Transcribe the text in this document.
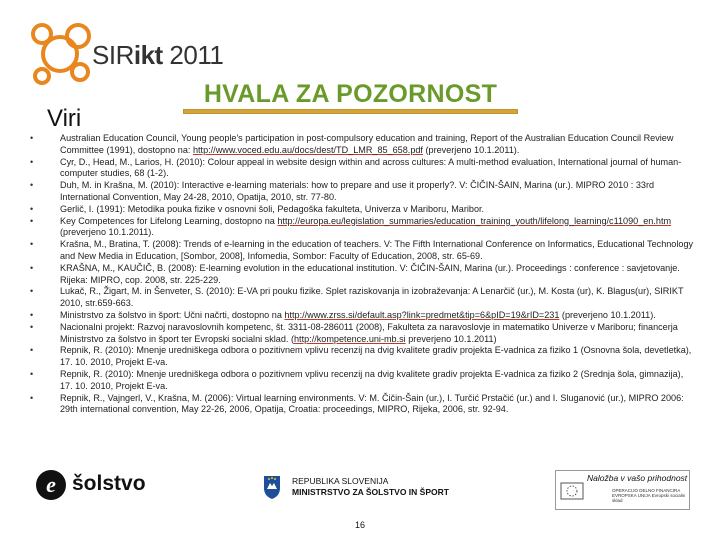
SIRikt 2011
HVALA ZA POZORNOST
Viri
• Australian Education Council, Young people's participation in post-compulsory education and training, Report of the Australian Education Council Review Committee (1991), dostopno na: http://www.voced.edu.au/docs/dest/TD_LMR_85_658.pdf (preverjeno 10.1.2011).
• Cyr, D., Head, M., Larios, H. (2010): Colour appeal in website design within and across cultures: A multi-method evaluation, International journal of human-computer studies, 68 (1-2).
• Duh, M. in Krašna, M. (2010): Interactive e-learning materials: how to prepare and use it properly?. V: ČIČIN-ŠAIN, Marina (ur.). MIPRO 2010 : 33rd International Convention, May 24-28, 2010, Opatija, 2010, str. 77-80.
• Gerlič, I. (1991): Metodika pouka fizike v osnovni šoli, Pedagoška fakulteta, Univerza v Mariboru, Maribor.
• Key Competences for Lifelong Learning, dostopno na http://europa.eu/legislation_summaries/education_training_youth/lifelong_learning/c11090_en.htm (preverjeno 10.1.2011).
• Krašna, M., Bratina, T. (2008): Trends of e-learning in the education of teachers. V: The Fifth International Conference on Informatics, Educational Technology and New Media in Education, [Sombor, 2008], Infomedia, Sombor: Faculty of Education, 2008, str. 65-69.
• KRAŠNA, M., KAUČIČ, B. (2008): E-learning evolution in the educational institution. V: ČIČIN-ŠAIN, Marina (ur.). Proceedings : conference : savjetovanje. Rijeka: MIPRO, cop. 2008, str. 225-229.
• Lukač, R., Žigart, M. in Šenveter, S. (2010): E-VA pri pouku fizike. Splet raziskovanja in izobraževanja: A Lenarčič (ur.), M. Kosta (ur), K. Blagus(ur), SIRIKT 2010, str.659-663.
• Ministrstvo za šolstvo in šport: Učni načrti, dostopno na http://www.zrss.si/default.asp?link=predmet&tip=6&pID=19&rID=231 (preverjeno 10.1.2011).
• Nacionalni projekt: Razvoj naravoslovnih kompetenc, št. 3311-08-286011 (2008), Fakulteta za naravoslovje in matematiko Univerze v Mariboru; financerja Ministrstvo za šolstvo in šport ter Evropski socialni sklad. (http://kompetence.uni-mb.si preverjeno 10.1.2011)
• Repnik, R. (2010): Mnenje uredniškega odbora o pozitivnem vplivu recenzij na dvig kvalitete gradiv projekta E-vadnica za fiziko 1 (Osnovna šola, devetletka), 17. 10. 2010, Projekt E-va.
• Repnik, R. (2010): Mnenje uredniškega odbora o pozitivnem vplivu recenzij na dvig kvalitete gradiv projekta E-vadnica za fiziko 2 (Srednja šola, gimnazija), 17. 10. 2010, Projekt E-va.
• Repnik, R., Vajngerl, V., Krašna, M. (2006): Virtual learning environments. V: M. Čičin-Šain (ur.), I. Turčić Prstačić (ur.) and I. Sluganović (ur.), MIPRO 2006: 29th international convention, May 22-26, 2006, Opatija, Croatia: proceedings, MIPRO, Rijeka, 2006, str. 92-94.
e šolstvo	REPUBLIKA SLOVENIJA
MINISTRSTVO ZA ŠOLSTVO IN ŠPORT
Naložba v vašo prihodnost
OPERACIJO DELNO FINANCIRA EVROPSKA UNIJA Evropski socialni sklad
16
